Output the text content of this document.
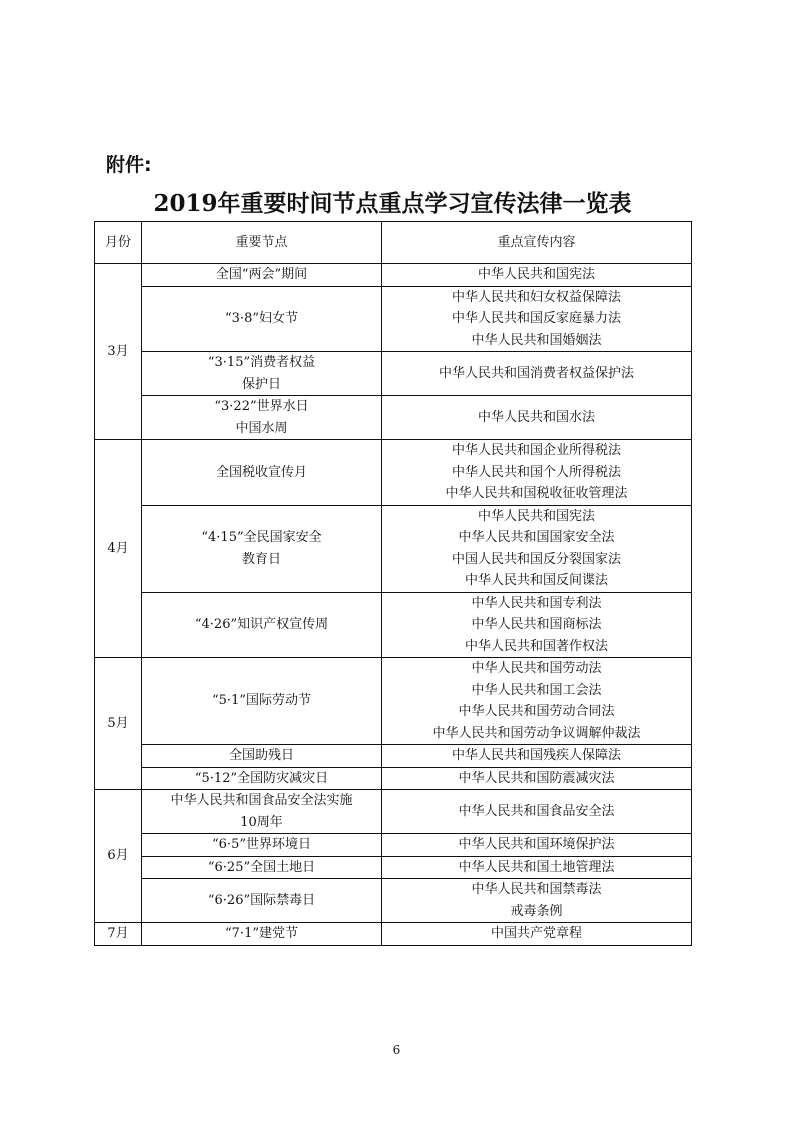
附件:
2019年重要时间节点重点学习宣传法律一览表
月份	重要节点	重点宣传内容
3月	全国“两会”期间	中华人民共和国宪法

	“3·8”妇女节	中华人民共和妇女权益保障法
中华人民共和国反家庭暴力法
中华人民共和国婚姻法

	“3·15”消费者权益
保护日	中华人民共和国消费者权益保护法

	“3·22”世界水日
中国水周	中华人民共和国水法

4月	全国税收宣传月	中华人民共和国企业所得税法
中华人民共和国个人所得税法
中华人民共和国税收征收管理法

	“4·15”全民国家安全
教育日	中华人民共和国宪法
中华人民共和国国家安全法
中国人民共和国反分裂国家法
中华人民共和国反间谍法

	“4·26”知识产权宣传周	中华人民共和国专利法
中华人民共和国商标法
中华人民共和国著作权法

5月	“5·1”国际劳动节	中华人民共和国劳动法
中华人民共和国工会法
中华人民共和国劳动合同法
中华人民共和国劳动争议调解仲裁法

	全国助残日	中华人民共和国残疾人保障法

	“5·12”全国防灾减灾日	中华人民共和国防震减灾法

6月	中华人民共和国食品安全法实施
10周年	中华人民共和国食品安全法

	“6·5”世界环境日	中华人民共和国环境保护法

	“6·25”全国土地日	中华人民共和国土地管理法

	“6·26”国际禁毒日	中华人民共和国禁毒法
戒毒条例

7月	“7·1”建党节	中国共产党章程
6
